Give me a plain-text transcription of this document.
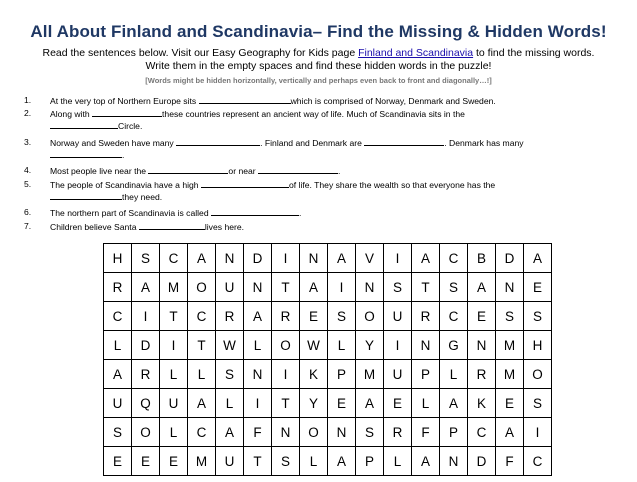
All About Finland and Scandinavia– Find the Missing & Hidden Words!
Read the sentences below. Visit our Easy Geography for Kids page Finland and Scandinavia to find the missing words.
Write them in the empty spaces and find these hidden words in the puzzle!
[Words might be hidden horizontally, vertically and perhaps even back to front and diagonally…!]
1.	At the very top of Northern Europe sits	which is comprised of Norway, Denmark and Sweden.
2.	Along with	these countries represent an ancient way of life. Much of Scandinavia sits in the
Circle.
3.	Norway and Sweden have many	. Finland and Denmark are	. Denmark has many
.
4.	Most people live near the	or near	.
5.	The people of Scandinavia have a high	of life. They share the wealth so that everyone has the
they need.
6.	The northern part of Scandinavia is called	.
7.	Children believe Santa	lives here.
H	S	C	A	N	D	I	N	A	V	I	A	C	B	D	A
R	A	M	O	U	N	T	A	I	N	S	T	S	A	N	E
C	I	T	C	R	A	R	E	S	O	U	R	C	E	S	S
L	D	I	T	W	L	O	W	L	Y	I	N	G	N	M	H
A	R	L	L	S	N	I	K	P	M	U	P	L	R	M	O
U	Q	U	A	L	I	T	Y	E	A	E	L	A	K	E	S
S	O	L	C	A	F	N	O	N	S	R	F	P	C	A	I
E	E	E	M	U	T	S	L	A	P	L	A	N	D	F	C
